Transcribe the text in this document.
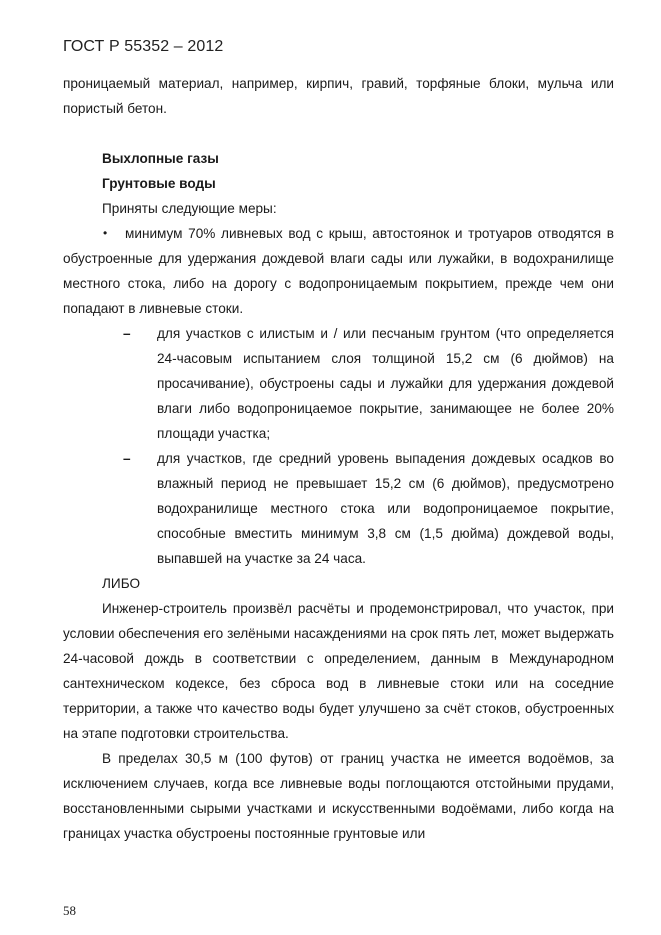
ГОСТ Р 55352 – 2012

проницаемый материал, например, кирпич, гравий, торфяные блоки, мульча или пористый бетон.

Выхлопные газы

Грунтовые воды

Приняты следующие меры:

• минимум 70% ливневых вод с крыш, автостоянок и тротуаров отводятся в обустроенные для удержания дождевой влаги сады или лужайки, в водохранилище местного стока, либо на дорогу с водопроницаемым покрытием, прежде чем они попадают в ливневые стоки.
– для участков с илистым и / или песчаным грунтом (что определяется 24-часовым испытанием слоя толщиной 15,2 см (6 дюймов) на просачивание), обустроены сады и лужайки для удержания дождевой влаги либо водопроницаемое покрытие, занимающее не более 20% площади участка;
– для участков, где средний уровень выпадения дождевых осадков во влажный период не превышает 15,2 см (6 дюймов), предусмотрено водохранилище местного стока или водопроницаемое покрытие, способные вместить минимум 3,8 см (1,5 дюйма) дождевой воды, выпавшей на участке за 24 часа.

ЛИБО

Инженер-строитель произвёл расчёты и продемонстрировал, что участок, при условии обеспечения его зелёными насаждениями на срок пять лет, может выдержать 24-часовой дождь в соответствии с определением, данным в Международном сантехническом кодексе, без сброса вод в ливневые стоки или на соседние территории, а также что качество воды будет улучшено за счёт стоков, обустроенных на этапе подготовки строительства.

В пределах 30,5 м (100 футов) от границ участка не имеется водоёмов, за исключением случаев, когда все ливневые воды поглощаются отстойными прудами, восстановленными сырыми участками и искусственными водоёмами, либо когда на границах участка обустроены постоянные грунтовые или

58
